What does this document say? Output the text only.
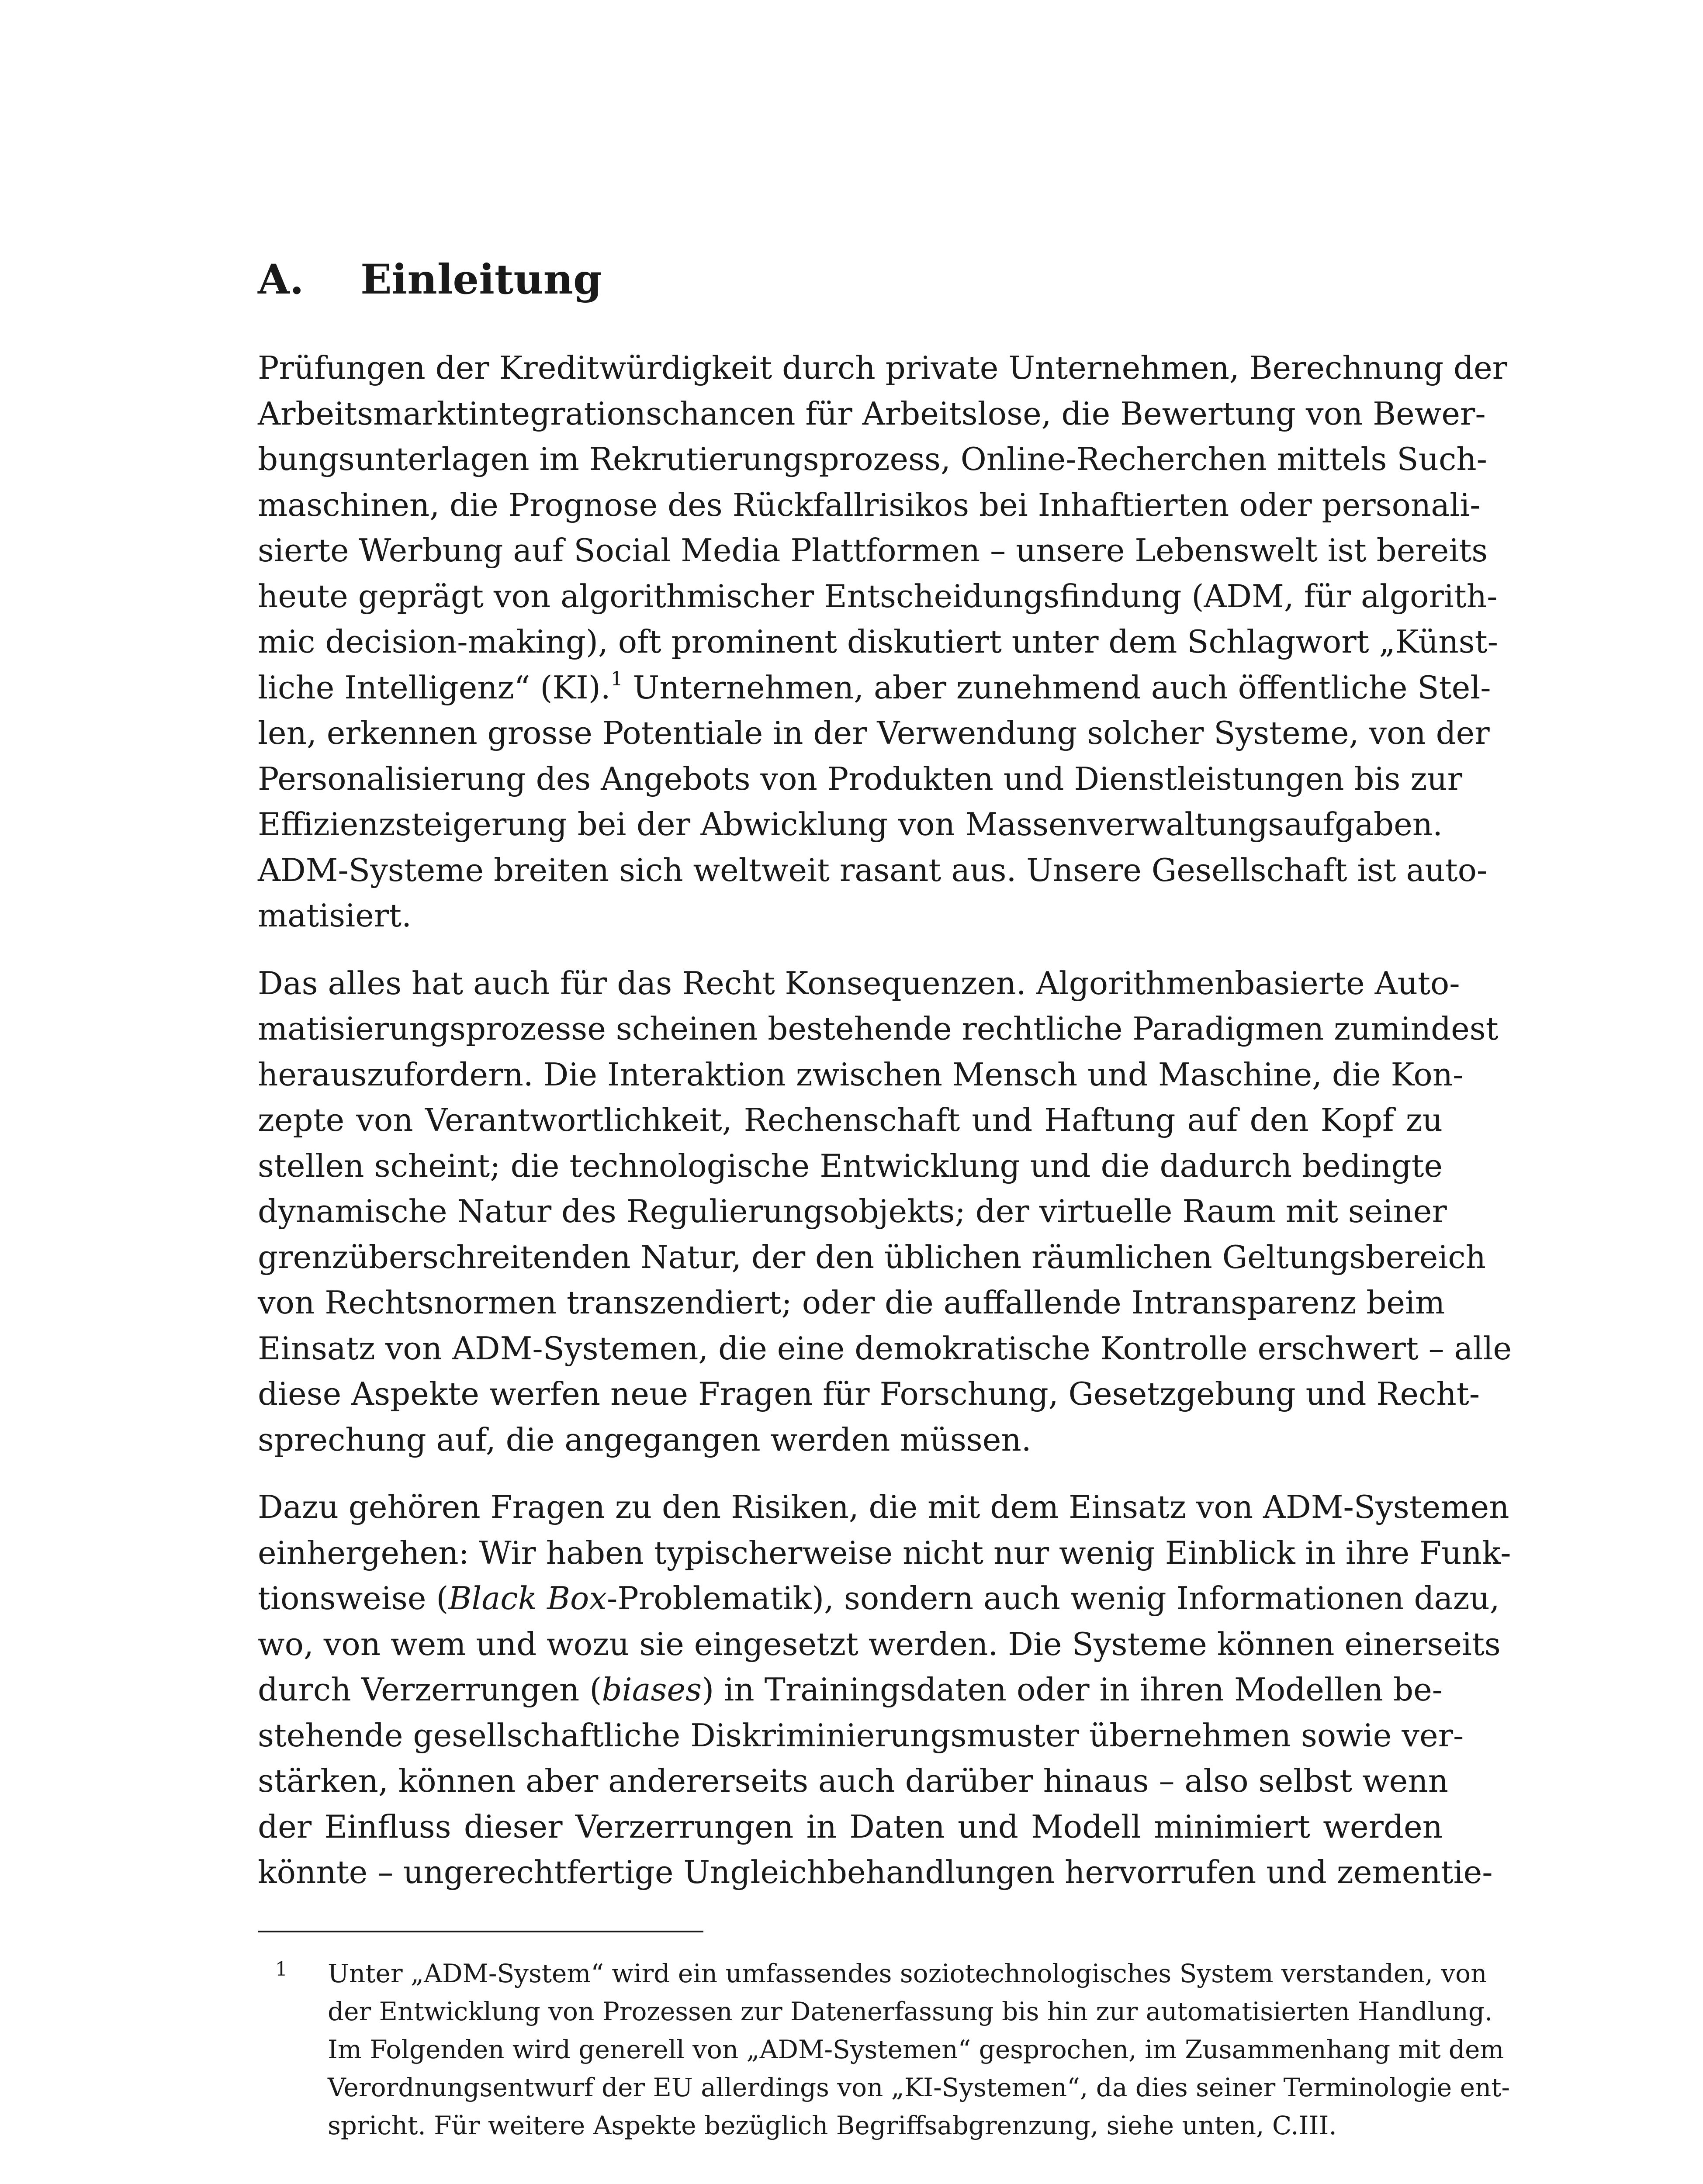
A. Einleitung

Prüfungen der Kreditwürdigkeit durch private Unternehmen, Berechnung der
Arbeitsmarktintegrationschancen für Arbeitslose, die Bewertung von Bewer-
bungsunterlagen im Rekrutierungsprozess, Online-Recherchen mittels Such-
maschinen, die Prognose des Rückfallrisikos bei Inhaftierten oder personali-
sierte Werbung auf Social Media Plattformen – unsere Lebenswelt ist bereits
heute geprägt von algorithmischer Entscheidungsfindung (ADM, für algorith-
mic decision-making), oft prominent diskutiert unter dem Schlagwort „Künst-
liche Intelligenz“ (KI).$^1$ Unternehmen, aber zunehmend auch öffentliche Stel-
len, erkennen grosse Potentiale in der Verwendung solcher Systeme, von der
Personalisierung des Angebots von Produkten und Dienstleistungen bis zur
Effizienzsteigerung bei der Abwicklung von Massenverwaltungsaufgaben.
ADM-Systeme breiten sich weltweit rasant aus. Unsere Gesellschaft ist auto-
matisiert.

Das alles hat auch für das Recht Konsequenzen. Algorithmenbasierte Auto-
matisierungsprozesse scheinen bestehende rechtliche Paradigmen zumindest
herauszufordern. Die Interaktion zwischen Mensch und Maschine, die Kon-
zepte von Verantwortlichkeit, Rechenschaft und Haftung auf den Kopf zu
stellen scheint; die technologische Entwicklung und die dadurch bedingte
dynamische Natur des Regulierungsobjekts; der virtuelle Raum mit seiner
grenzüberschreitenden Natur, der den üblichen räumlichen Geltungsbereich
von Rechtsnormen transzendiert; oder die auffallende Intransparenz beim
Einsatz von ADM-Systemen, die eine demokratische Kontrolle erschwert – alle
diese Aspekte werfen neue Fragen für Forschung, Gesetzgebung und Recht-
sprechung auf, die angegangen werden müssen.

Dazu gehören Fragen zu den Risiken, die mit dem Einsatz von ADM-Systemen
einhergehen: Wir haben typischerweise nicht nur wenig Einblick in ihre Funk-
tionsweise (Black Box-Problematik), sondern auch wenig Informationen dazu,
wo, von wem und wozu sie eingesetzt werden. Die Systeme können einerseits
durch Verzerrungen (biases) in Trainingsdaten oder in ihren Modellen be-
stehende gesellschaftliche Diskriminierungsmuster übernehmen sowie ver-
stärken, können aber andererseits auch darüber hinaus – also selbst wenn
der Einfluss dieser Verzerrungen in Daten und Modell minimiert werden
könnte – ungerechtfertige Ungleichbehandlungen hervorrufen und zementie-

1 Unter „ADM-System“ wird ein umfassendes soziotechnologisches System verstanden, von
der Entwicklung von Prozessen zur Datenerfassung bis hin zur automatisierten Handlung.
Im Folgenden wird generell von „ADM-Systemen“ gesprochen, im Zusammenhang mit dem
Verordnungsentwurf der EU allerdings von „KI-Systemen“, da dies seiner Terminologie ent-
spricht. Für weitere Aspekte bezüglich Begriffsabgrenzung, siehe unten, C.III.
